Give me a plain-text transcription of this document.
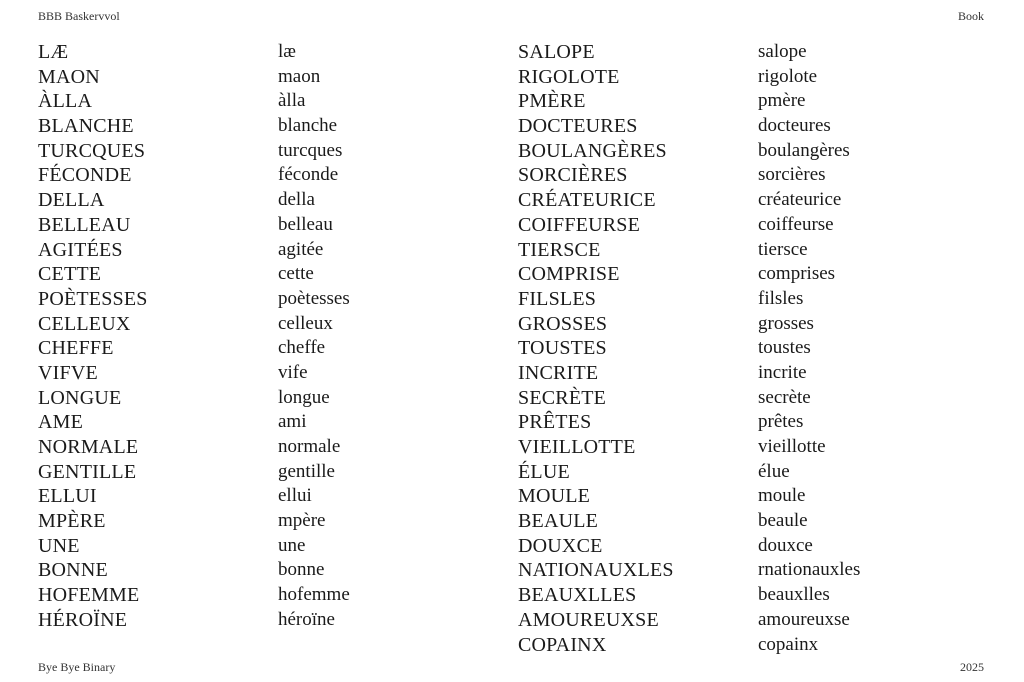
BBB Baskervvol	Book
LÆ
MAON
ÀLLA
BLANCHE
TURCQUES
FÉCONDE
DELLA
BELLEAU
AGITÉES
CETTE
POÈTESSES
CELLEUX
CHEFFE
VIFVE
LONGUE
AME
NORMALE
GENTILLE
ELLUI
MPÈRE
UNE
BONNE
HOFEMME
HÉROÏNE
læ
maon
àlla
blanche
turcques
féconde
della
belleau
agitée
cette
poètesses
celleux
cheffe
vife
longue
ami
normale
gentille
ellui
mpère
une
bonne
hofemme
héroïne
SALOPE
RIGOLOTE
PMÈRE
DOCTEURES
BOULANGÈRES
SORCIÈRES
CRÉATEURICE
COIFFEURSE
TIERSCE
COMPRISE
FILSLES
GROSSES
TOUSTES
INCRITE
SECRÈTE
PRÊTES
VIEILLOTTE
ÉLUE
MOULE
BEAULE
DOUXCE
NATIONAUXLES
BEAUXLLES
AMOUREUXSE
COPAINX
salope
rigolote
pmère
docteures
boulangères
sorcières
créateurice
coiffeurse
tiersce
comprises
filsles
grosses
toustes
incrite
secrète
prêtes
vieillotte
élue
moule
beaule
douxce
rnationauxles
beauxlles
amoureuxse
copainx
Bye Bye Binary	2025
